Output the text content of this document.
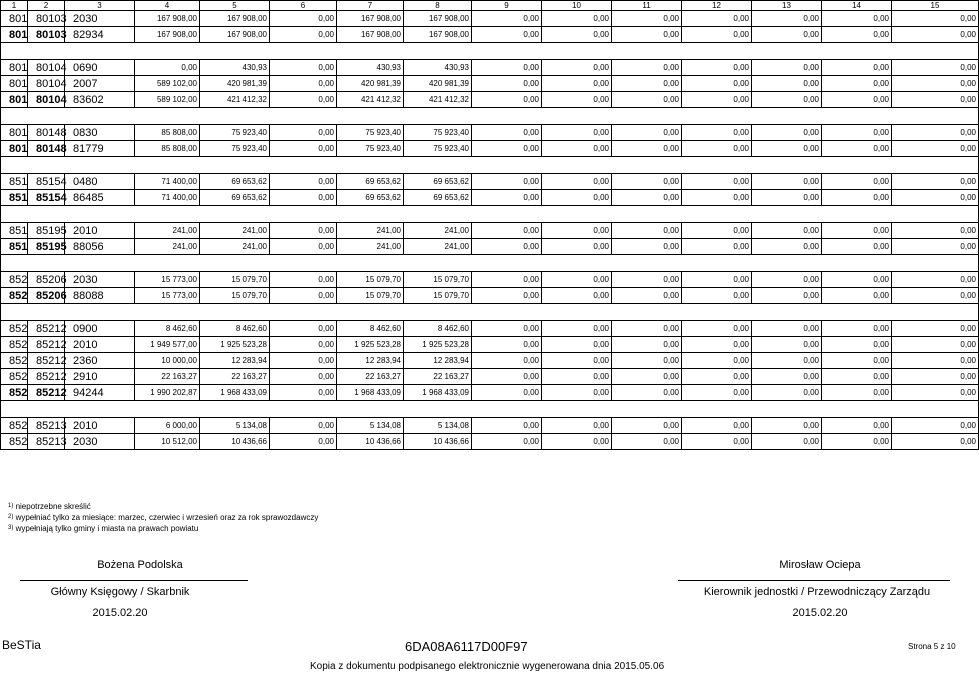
1	2	3	4	5	6	7	8	9	10	11	12	13	14	15
801	80103	2030	167 908,00	167 908,00	0,00	167 908,00	167 908,00	0,00	0,00	0,00	0,00	0,00	0,00	0,00
801	80103	82934	167 908,00	167 908,00	0,00	167 908,00	167 908,00	0,00	0,00	0,00	0,00	0,00	0,00	0,00

801	80104	0690	0,00	430,93	0,00	430,93	430,93	0,00	0,00	0,00	0,00	0,00	0,00	0,00
801	80104	2007	589 102,00	420 981,39	0,00	420 981,39	420 981,39	0,00	0,00	0,00	0,00	0,00	0,00	0,00
801	80104	83602	589 102,00	421 412,32	0,00	421 412,32	421 412,32	0,00	0,00	0,00	0,00	0,00	0,00	0,00

801	80148	0830	85 808,00	75 923,40	0,00	75 923,40	75 923,40	0,00	0,00	0,00	0,00	0,00	0,00	0,00
801	80148	81779	85 808,00	75 923,40	0,00	75 923,40	75 923,40	0,00	0,00	0,00	0,00	0,00	0,00	0,00

851	85154	0480	71 400,00	69 653,62	0,00	69 653,62	69 653,62	0,00	0,00	0,00	0,00	0,00	0,00	0,00
851	85154	86485	71 400,00	69 653,62	0,00	69 653,62	69 653,62	0,00	0,00	0,00	0,00	0,00	0,00	0,00

851	85195	2010	241,00	241,00	0,00	241,00	241,00	0,00	0,00	0,00	0,00	0,00	0,00	0,00
851	85195	88056	241,00	241,00	0,00	241,00	241,00	0,00	0,00	0,00	0,00	0,00	0,00	0,00

852	85206	2030	15 773,00	15 079,70	0,00	15 079,70	15 079,70	0,00	0,00	0,00	0,00	0,00	0,00	0,00
852	85206	88088	15 773,00	15 079,70	0,00	15 079,70	15 079,70	0,00	0,00	0,00	0,00	0,00	0,00	0,00

852	85212	0900	8 462,60	8 462,60	0,00	8 462,60	8 462,60	0,00	0,00	0,00	0,00	0,00	0,00	0,00
852	85212	2010	1 949 577,00	1 925 523,28	0,00	1 925 523,28	1 925 523,28	0,00	0,00	0,00	0,00	0,00	0,00	0,00
852	85212	2360	10 000,00	12 283,94	0,00	12 283,94	12 283,94	0,00	0,00	0,00	0,00	0,00	0,00	0,00
852	85212	2910	22 163,27	22 163,27	0,00	22 163,27	22 163,27	0,00	0,00	0,00	0,00	0,00	0,00	0,00
852	85212	94244	1 990 202,87	1 968 433,09	0,00	1 968 433,09	1 968 433,09	0,00	0,00	0,00	0,00	0,00	0,00	0,00

852	85213	2010	6 000,00	5 134,08	0,00	5 134,08	5 134,08	0,00	0,00	0,00	0,00	0,00	0,00	0,00
852	85213	2030	10 512,00	10 436,66	0,00	10 436,66	10 436,66	0,00	0,00	0,00	0,00	0,00	0,00	0,00
$^{1)}$ niepotrzebne skreślić
$^{2)}$ wypełniać tylko za miesiące: marzec, czerwiec i wrzesień oraz za rok sprawozdawczy
$^{3)}$ wypełniają tylko gminy i miasta na prawach powiatu
Bożena Podolska
Główny Księgowy / Skarbnik
2015.02.20
Mirosław Ociepa
Kierownik jednostki / Przewodniczący Zarządu
2015.02.20
BeSTia	6DA08A6117D00F97	Strona 5 z 10
Kopia z dokumentu podpisanego elektronicznie wygenerowana dnia 2015.05.06
